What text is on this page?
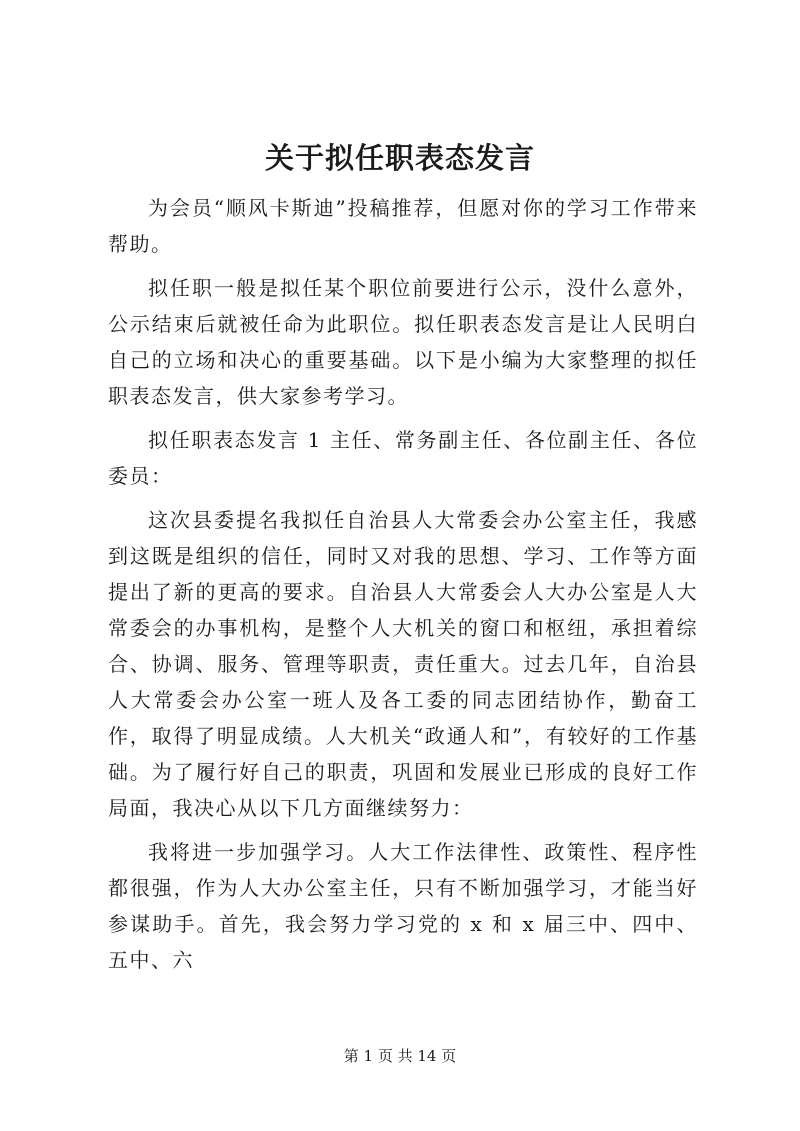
关于拟任职表态发言

为会员“顺风卡斯迪”投稿推荐，但愿对你的学习工作带来帮助。

拟任职一般是拟任某个职位前要进行公示，没什么意外，公示结束后就被任命为此职位。拟任职表态发言是让人民明白自己的立场和决心的重要基础。以下是小编为大家整理的拟任职表态发言，供大家参考学习。

拟任职表态发言 1 主任、常务副主任、各位副主任、各位委员：

这次县委提名我拟任自治县人大常委会办公室主任，我感到这既是组织的信任，同时又对我的思想、学习、工作等方面提出了新的更高的要求。自治县人大常委会人大办公室是人大常委会的办事机构，是整个人大机关的窗口和枢纽，承担着综合、协调、服务、管理等职责，责任重大。过去几年，自治县人大常委会办公室一班人及各工委的同志团结协作，勤奋工作，取得了明显成绩。人大机关“政通人和”，有较好的工作基础。为了履行好自己的职责，巩固和发展业已形成的良好工作局面，我决心从以下几方面继续努力：

我将进一步加强学习。人大工作法律性、政策性、程序性都很强，作为人大办公室主任，只有不断加强学习，才能当好参谋助手。首先，我会努力学习党的 x 和 x 届三中、四中、五中、六

第 1 页 共 14 页
